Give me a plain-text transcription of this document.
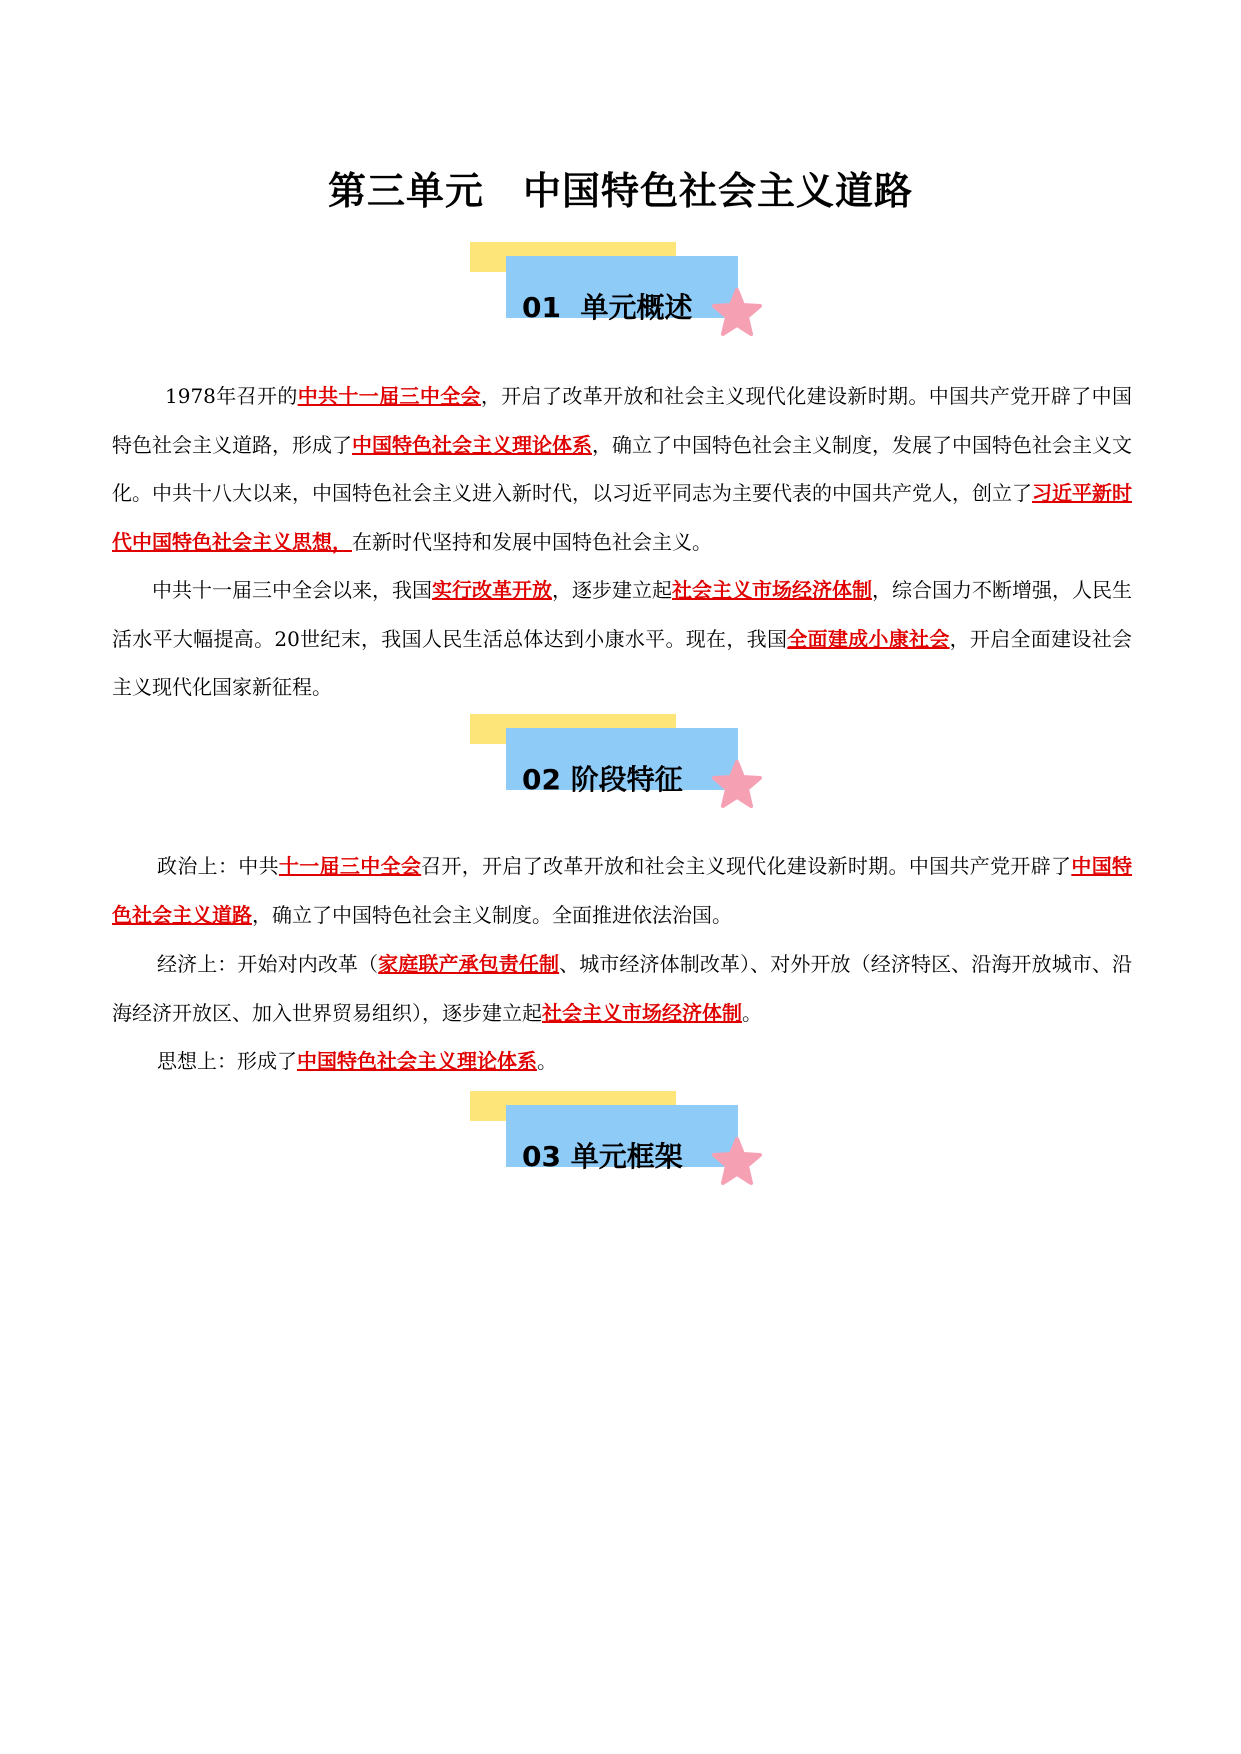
第三单元　中国特色社会主义道路
01  单元概述
1978年召开的中共十一届三中全会，开启了改革开放和社会主义现代化建设新时期。中国共产党开辟了中国特色社会主义道路，形成了中国特色社会主义理论体系，确立了中国特色社会主义制度，发展了中国特色社会主义文化。中共十八大以来，中国特色社会主义进入新时代，以习近平同志为主要代表的中国共产党人，创立了习近平新时代中国特色社会主义思想，在新时代坚持和发展中国特色社会主义。
中共十一届三中全会以来，我国实行改革开放，逐步建立起社会主义市场经济体制，综合国力不断增强，人民生活水平大幅提高。20世纪末，我国人民生活总体达到小康水平。现在，我国全面建成小康社会，开启全面建设社会主义现代化国家新征程。
02 阶段特征
政治上：中共十一届三中全会召开，开启了改革开放和社会主义现代化建设新时期。中国共产党开辟了中国特色社会主义道路，确立了中国特色社会主义制度。全面推进依法治国。
经济上：开始对内改革（家庭联产承包责任制、城市经济体制改革）、对外开放（经济特区、沿海开放城市、沿海经济开放区、加入世界贸易组织），逐步建立起社会主义市场经济体制。
思想上：形成了中国特色社会主义理论体系。
03 单元框架
